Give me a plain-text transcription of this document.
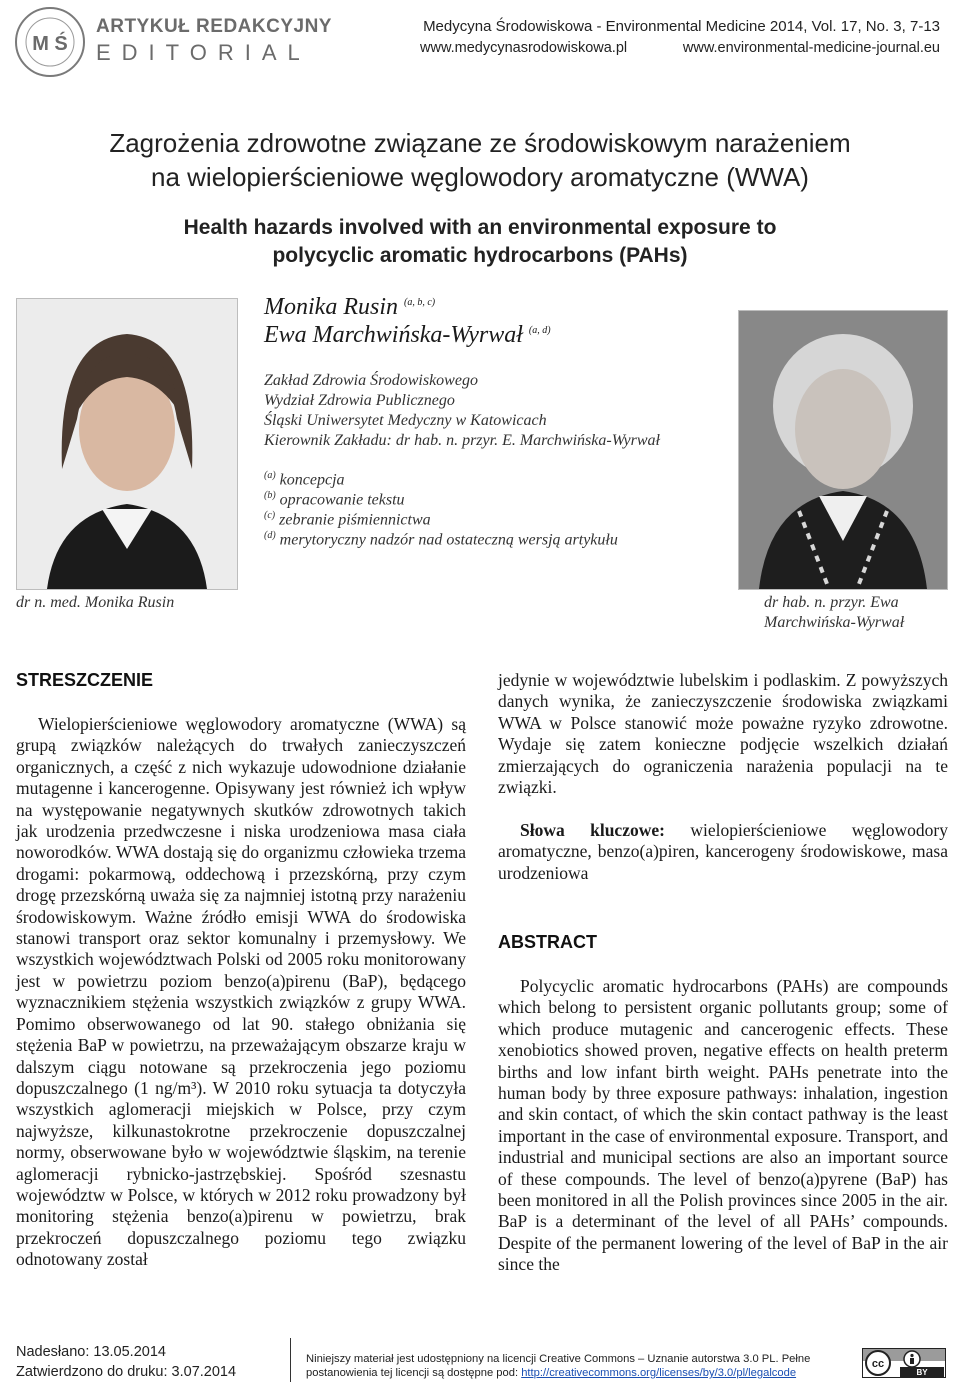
M Ś
ARTYKUŁ REDAKCYJNY
EDITORIAL
Medycyna Środowiskowa - Environmental Medicine 2014, Vol. 17, No. 3, 7-13
www.medycynasrodowiskowa.pl	www.environmental-medicine-journal.eu
Zagrożenia zdrowotne związane ze środowiskowym narażeniem
na wielopierścieniowe węglowodory aromatyczne (WWA)
Health hazards involved with an environmental exposure to
polycyclic aromatic hydrocarbons (PAHs)
Monika Rusin $^{(a, b, c)}$
Ewa Marchwińska-Wyrwał $^{(a, d)}$
Zakład Zdrowia Środowiskowego
Wydział Zdrowia Publicznego
Śląski Uniwersytet Medyczny w Katowicach
Kierownik Zakładu: dr hab. n. przyr. E. Marchwińska-Wyrwał
$^{(a)}$ koncepcja
$^{(b)}$ opracowanie tekstu
$^{(c)}$ zebranie piśmiennictwa
$^{(d)}$ merytoryczny nadzór nad ostateczną wersją artykułu
dr n. med. Monika Rusin	dr hab. n. przyr. Ewa
Marchwińska-Wyrwał
STRESZCZENIE
Wielopierścieniowe węglowodory aromatyczne (WWA) są grupą związków należących do trwałych zanieczyszczeń organicznych, a część z nich wykazuje udowodnione działanie mutagenne i kancerogenne. Opisywany jest również ich wpływ na występowanie negatywnych skutków zdrowotnych takich jak urodzenia przedwczesne i niska urodzeniowa masa ciała noworodków. WWA dostają się do organizmu człowieka trzema drogami: pokarmową, oddechową i przezskórną, przy czym drogę przezskórną uważa się za najmniej istotną przy narażeniu środowiskowym. Ważne źródło emisji WWA do środowiska stanowi transport oraz sektor komunalny i przemysłowy. We wszystkich województwach Polski od 2005 roku monitorowany jest w powietrzu poziom benzo(a)pirenu (BaP), będącego wyznacznikiem stężenia wszystkich związków z grupy WWA. Pomimo obserwowanego od lat 90. stałego obniżania się stężenia BaP w powietrzu, na przeważającym obszarze kraju w dalszym ciągu notowane są przekroczenia jego poziomu dopuszczalnego (1 ng/m³). W 2010 roku sytuacja ta dotyczyła wszystkich aglomeracji miejskich w Polsce, przy czym najwyższe, kilkunastokrotne przekroczenie dopuszczalnej normy, obserwowane było w województwie śląskim, na terenie aglomeracji rybnicko-jastrzębskiej. Spośród szesnastu województw w Polsce, w których w 2012 roku prowadzony był monitoring stężenia benzo(a)pirenu w powietrzu, brak przekroczeń dopuszczalnego poziomu tego związku odnotowany został
jedynie w województwie lubelskim i podlaskim. Z powyższych danych wynika, że zanieczyszczenie środowiska związkami WWA w Polsce stanowić może poważne ryzyko zdrowotne. Wydaje się zatem konieczne podjęcie wszelkich działań zmierzających do ograniczenia narażenia populacji na te związki.
Słowa kluczowe: wielopierścieniowe węglowodory aromatyczne, benzo(a)piren, kancerogeny środowiskowe, masa urodzeniowa
ABSTRACT
Polycyclic aromatic hydrocarbons (PAHs) are compounds which belong to persistent organic pollutants group; some of which produce mutagenic and cancerogenic effects. These xenobiotics showed proven, negative effects on health preterm births and low infant birth weight. PAHs penetrate into the human body by three exposure pathways: inhalation, ingestion and skin contact, of which the skin contact pathway is the least important in the case of environmental exposure. Transport, and industrial and municipal sections are also an important source of these compounds. The level of benzo(a)pyrene (BaP) has been monitored in all the Polish provinces since 2005 in the air. BaP is a determinant of the level of all PAHs’ compounds. Despite of the permanent lowering of the level of BaP in the air since the
Nadesłano: 13.05.2014
Zatwierdzono do druku: 3.07.2014
Niniejszy materiał jest udostępniony na licencji Creative Commons – Uznanie autorstwa 3.0 PL. Pełne postanowienia tej licencji są dostępne pod: http://creativecommons.org/licenses/by/3.0/pl/legalcode
cc
BY
